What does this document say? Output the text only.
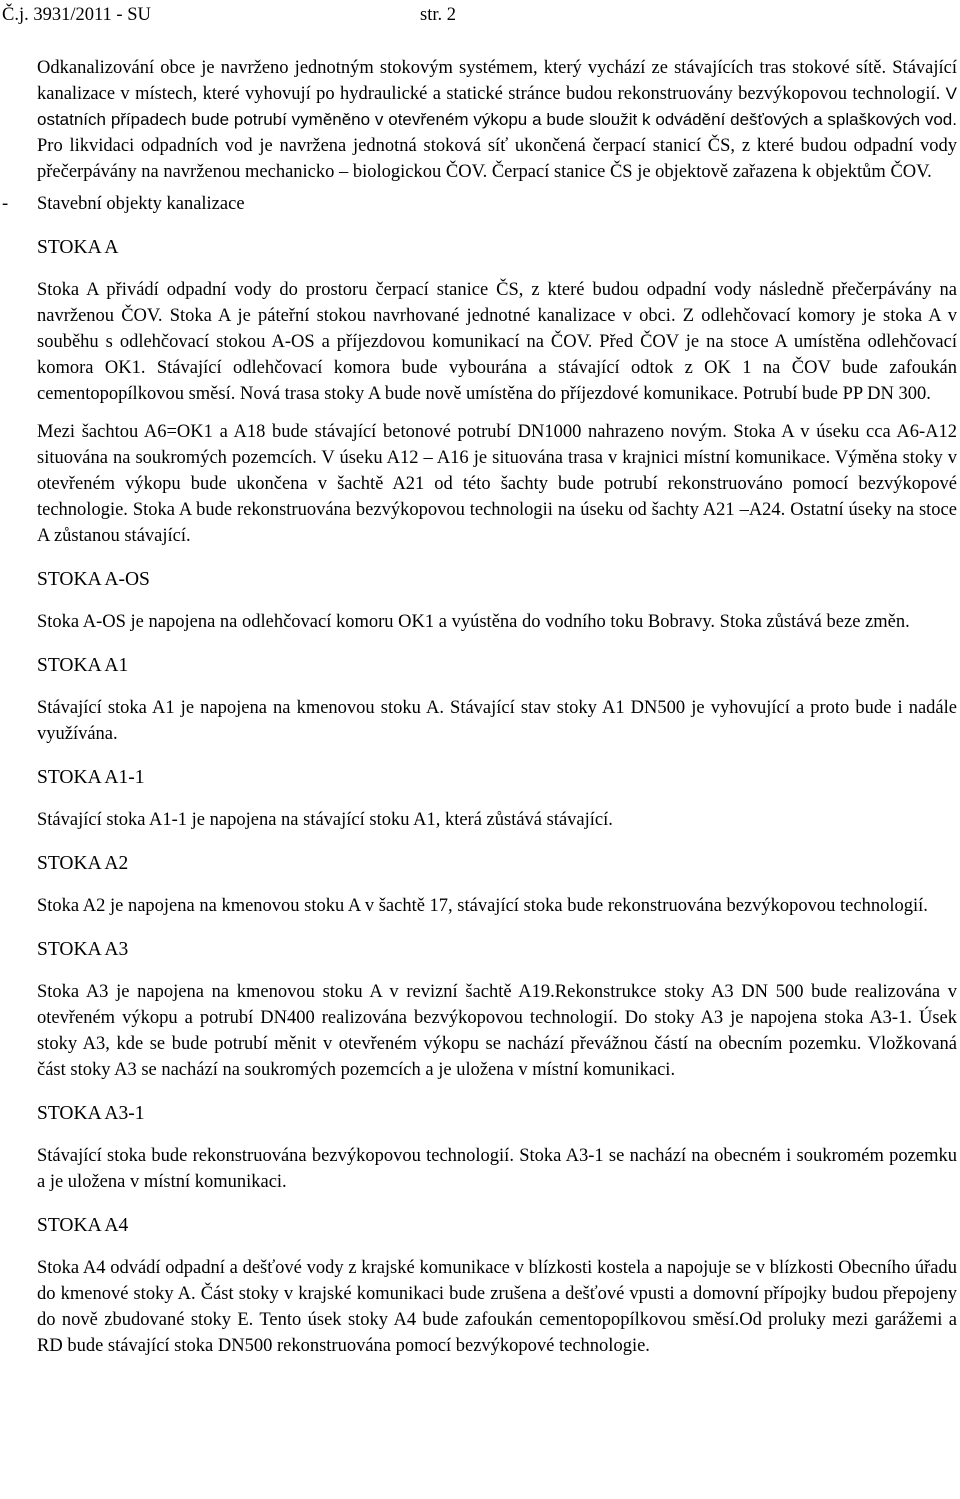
Č.j. 3931/2011 - SU	str. 2

Odkanalizování obce je navrženo jednotným stokovým systémem, který vychází ze stávajících tras stokové sítě. Stávající kanalizace v místech, které vyhovují po hydraulické a statické stránce budou rekonstruovány bezvýkopovou technologií. V ostatních případech bude potrubí vyměněno v otevřeném výkopu a bude sloužit k odvádění dešťových a splaškových vod. Pro likvidaci odpadních vod je navržena jednotná stoková síť ukončená čerpací stanicí ČS, z které budou odpadní vody přečerpávány na navrženou mechanicko – biologickou ČOV. Čerpací stanice ČS je objektově zařazena k objektům ČOV.

- Stavební objekty kanalizace

STOKA A

Stoka A přivádí odpadní vody do prostoru čerpací stanice ČS, z které budou odpadní vody následně přečerpávány na navrženou ČOV. Stoka A je páteřní stokou navrhované jednotné kanalizace v obci. Z odlehčovací komory je stoka A v souběhu s odlehčovací stokou A-OS a příjezdovou komunikací na ČOV. Před ČOV je na stoce A umístěna odlehčovací komora OK1. Stávající odlehčovací komora bude vybourána a stávající odtok z OK 1 na ČOV bude zafoukán cementopopílkovou směsí. Nová trasa stoky A bude nově umístěna do příjezdové komunikace. Potrubí bude PP DN 300.

Mezi šachtou A6=OK1 a A18 bude stávající betonové potrubí DN1000 nahrazeno novým. Stoka A v úseku cca A6-A12 situována na soukromých pozemcích. V úseku A12 – A16 je situována trasa v krajnici místní komunikace. Výměna stoky v otevřeném výkopu bude ukončena v šachtě A21 od této šachty bude potrubí rekonstruováno pomocí bezvýkopové technologie. Stoka A bude rekonstruována bezvýkopovou technologii na úseku od šachty A21 –A24. Ostatní úseky na stoce A zůstanou stávající.

STOKA A-OS

Stoka A-OS je napojena na odlehčovací komoru OK1 a vyústěna do vodního toku Bobravy. Stoka zůstává beze změn.

STOKA A1

Stávající stoka A1 je napojena na kmenovou stoku A. Stávající stav stoky A1 DN500 je vyhovující a proto bude i nadále využívána.

STOKA A1-1

Stávající stoka A1-1 je napojena na stávající stoku A1, která zůstává stávající.

STOKA A2

Stoka A2 je napojena na kmenovou stoku A v šachtě 17, stávající stoka bude rekonstruována bezvýkopovou technologií.

STOKA A3

Stoka A3 je napojena na kmenovou stoku A v revizní šachtě A19.Rekonstrukce stoky A3 DN 500 bude realizována v otevřeném výkopu a potrubí DN400 realizována bezvýkopovou technologií. Do stoky A3 je napojena stoka A3-1. Úsek stoky A3, kde se bude potrubí měnit v otevřeném výkopu se nachází převážnou částí na obecním pozemku. Vložkovaná část stoky A3 se nachází na soukromých pozemcích a je uložena v místní komunikaci.

STOKA A3-1

Stávající stoka bude rekonstruována bezvýkopovou technologií. Stoka A3-1 se nachází na obecném i soukromém pozemku a je uložena v místní komunikaci.

STOKA A4

Stoka A4 odvádí odpadní a dešťové vody z krajské komunikace v blízkosti kostela a napojuje se v blízkosti Obecního úřadu do kmenové stoky A. Část stoky v krajské komunikaci bude zrušena a dešťové vpusti a domovní přípojky budou přepojeny do nově zbudované stoky E. Tento úsek stoky A4 bude zafoukán cementopopílkovou směsí.Od proluky mezi garážemi a RD bude stávající stoka DN500 rekonstruována pomocí bezvýkopové technologie.
